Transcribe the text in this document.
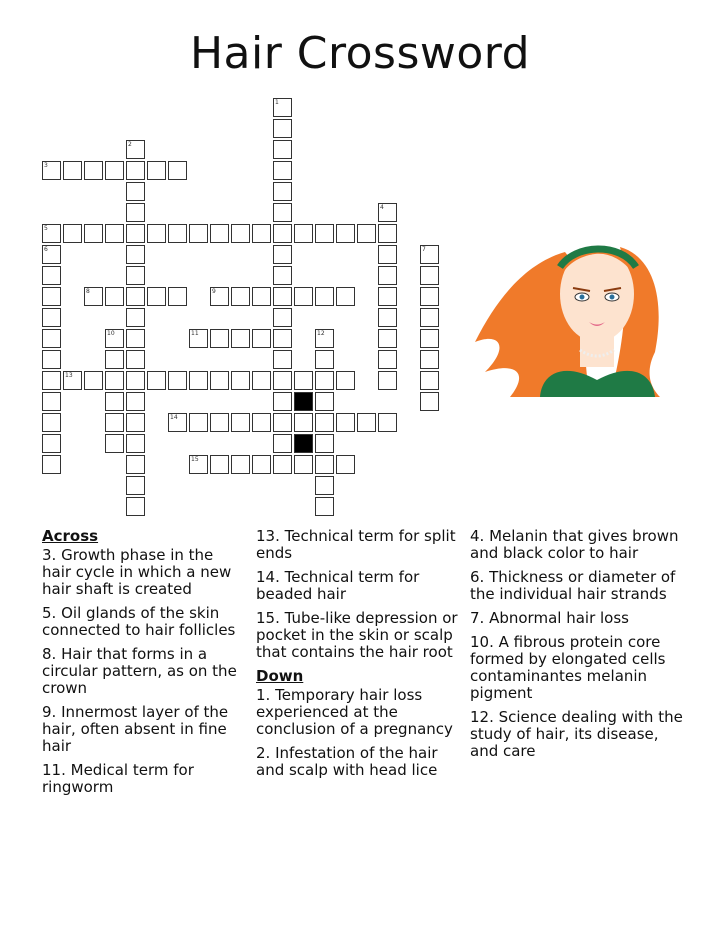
Hair Crossword
3
5
8	9
11
13
14
15
1
2
4
6	7
10	12
Across
3. Growth phase in the hair cycle in which a new hair shaft is created
5. Oil glands of the skin connected to hair follicles
8. Hair that forms in a circular pattern, as on the crown
9. Innermost layer of the hair, often absent in fine hair
11. Medical term for ringworm
13. Technical term for split ends
14. Technical term for beaded hair
15. Tube-like depression or pocket in the skin or scalp that contains the hair root
Down
1. Temporary hair loss experienced at the conclusion of a pregnancy
2. Infestation of the hair and scalp with head lice
4. Melanin that gives brown and black color to hair
6. Thickness or diameter of the individual hair strands
7. Abnormal hair loss
10. A fibrous protein core formed by elongated cells contaminantes melanin pigment
12. Science dealing with the study of hair, its disease, and care
